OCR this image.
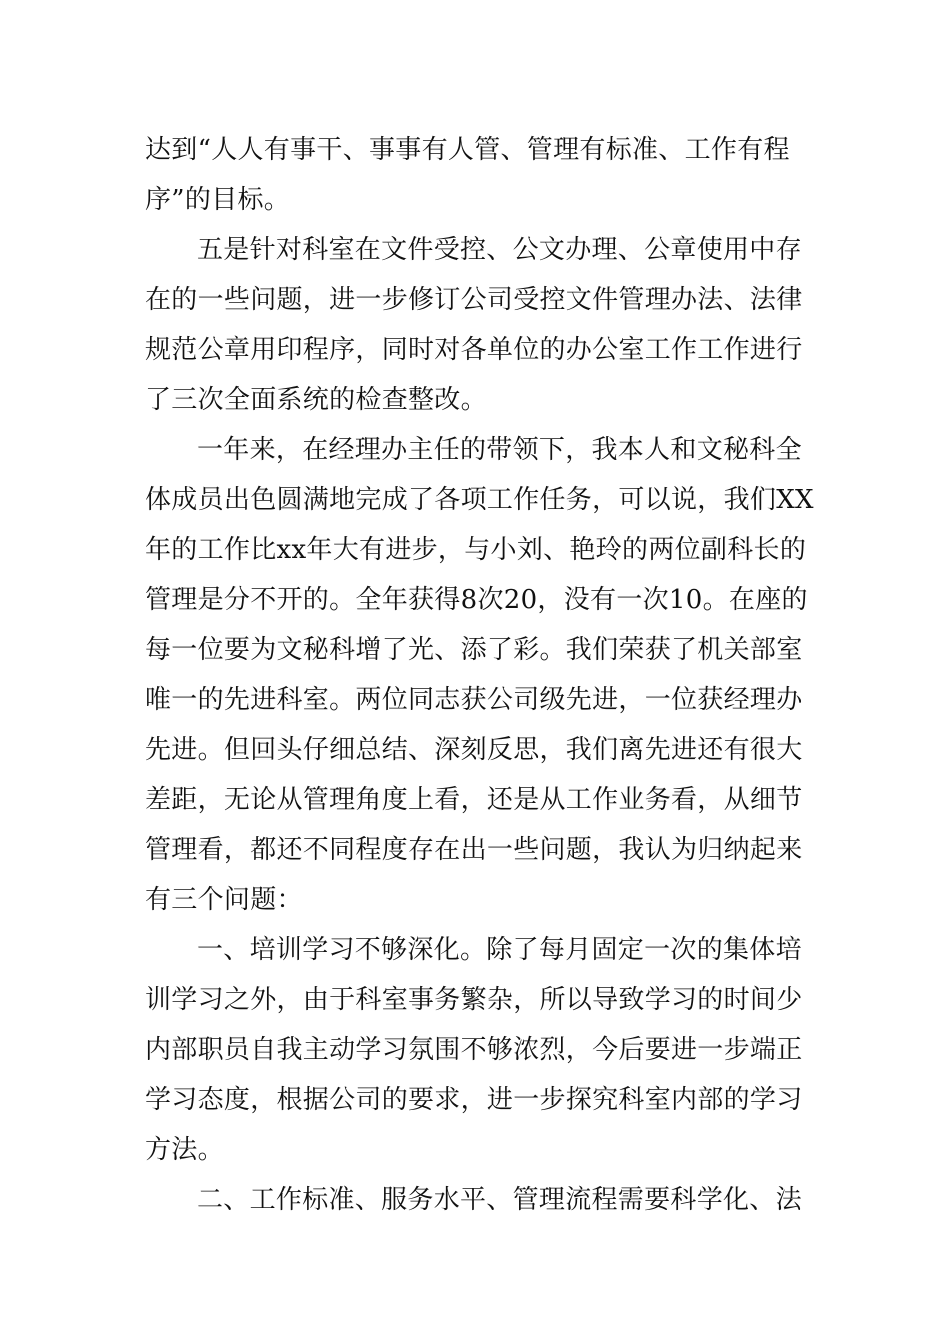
达到“人人有事干、事事有人管、管理有标准、工作有程
序”的目标。
五是针对科室在文件受控、公文办理、公章使用中存
在的一些问题，进一步修订公司受控文件管理办法、法律
规范公章用印程序，同时对各单位的办公室工作工作进行
了三次全面系统的检查整改。
一年来，在经理办主任的带领下，我本人和文秘科全
体成员出色圆满地完成了各项工作任务，可以说，我们XX
年的工作比xx年大有进步，与小刘、艳玲的两位副科长的
管理是分不开的。全年获得8次20，没有一次10。在座的
每一位要为文秘科增了光、添了彩。我们荣获了机关部室
唯一的先进科室。两位同志获公司级先进，一位获经理办
先进。但回头仔细总结、深刻反思，我们离先进还有很大
差距，无论从管理角度上看，还是从工作业务看，从细节
管理看，都还不同程度存在出一些问题，我认为归纳起来
有三个问题：
一、培训学习不够深化。除了每月固定一次的集体培
训学习之外，由于科室事务繁杂，所以导致学习的时间少
内部职员自我主动学习氛围不够浓烈，今后要进一步端正
学习态度，根据公司的要求，进一步探究科室内部的学习
方法。
二、工作标准、服务水平、管理流程需要科学化、法
